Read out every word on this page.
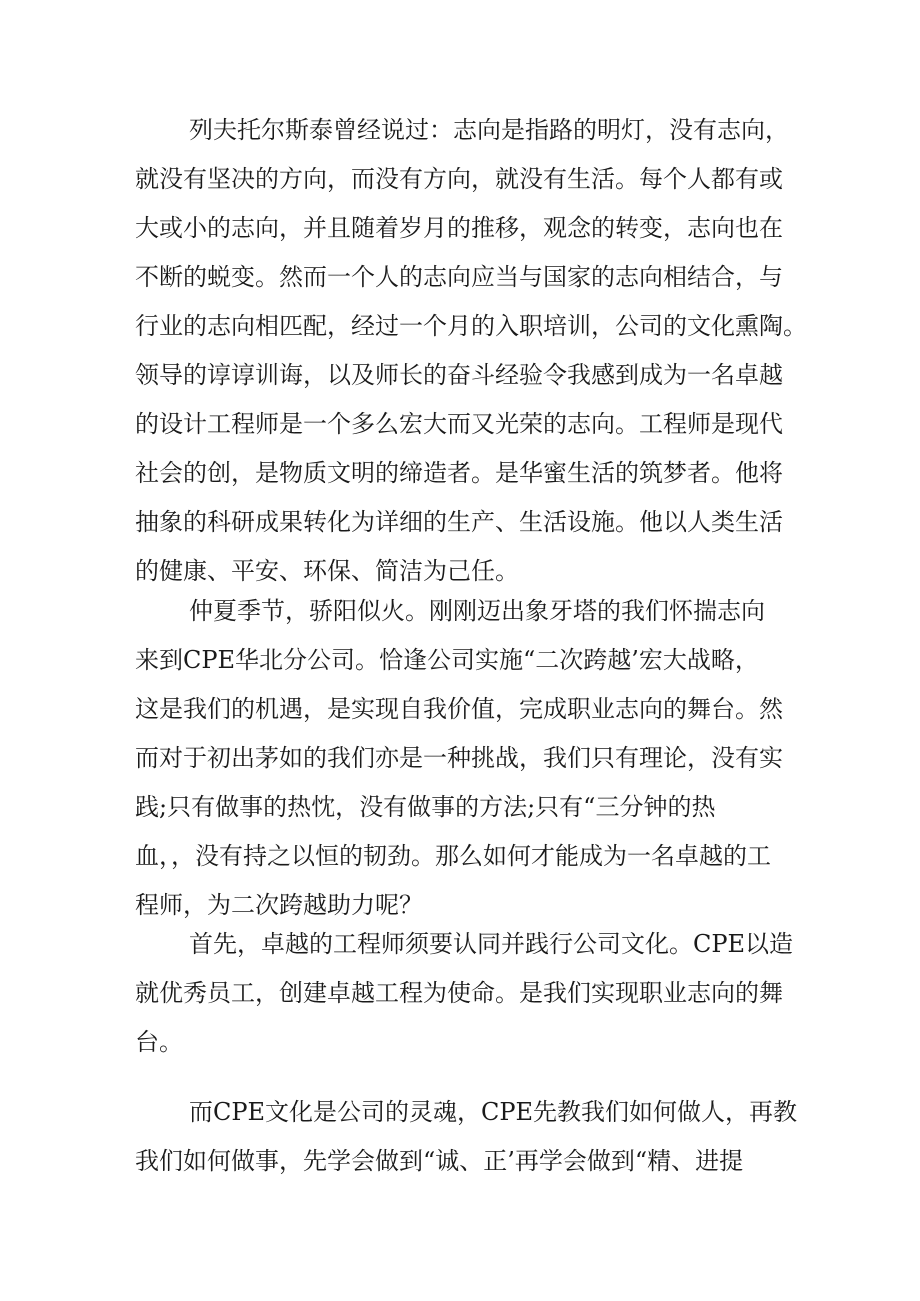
列夫托尔斯泰曾经说过：志向是指路的明灯，没有志向，
就没有坚决的方向，而没有方向，就没有生活。每个人都有或
大或小的志向，并且随着岁月的推移，观念的转变，志向也在
不断的蜕变。然而一个人的志向应当与国家的志向相结合，与
行业的志向相匹配，经过一个月的入职培训，公司的文化熏陶。
领导的谆谆训诲，以及师长的奋斗经验令我感到成为一名卓越
的设计工程师是一个多么宏大而又光荣的志向。工程师是现代
社会的创，是物质文明的缔造者。是华蜜生活的筑梦者。他将
抽象的科研成果转化为详细的生产、生活设施。他以人类生活
的健康、平安、环保、简洁为己任。
仲夏季节，骄阳似火。刚刚迈出象牙塔的我们怀揣志向
来到CPE华北分公司。恰逢公司实施“二次跨越’宏大战略，
这是我们的机遇，是实现自我价值，完成职业志向的舞台。然
而对于初出茅如的我们亦是一种挑战，我们只有理论，没有实
践;只有做事的热忱，没有做事的方法;只有“三分钟的热
血，，没有持之以恒的韧劲。那么如何才能成为一名卓越的工
程师，为二次跨越助力呢？
首先，卓越的工程师须要认同并践行公司文化。CPE以造
就优秀员工，创建卓越工程为使命。是我们实现职业志向的舞
台。
而CPE文化是公司的灵魂，CPE先教我们如何做人，再教
我们如何做事，先学会做到“诚、正’再学会做到“精、进提
